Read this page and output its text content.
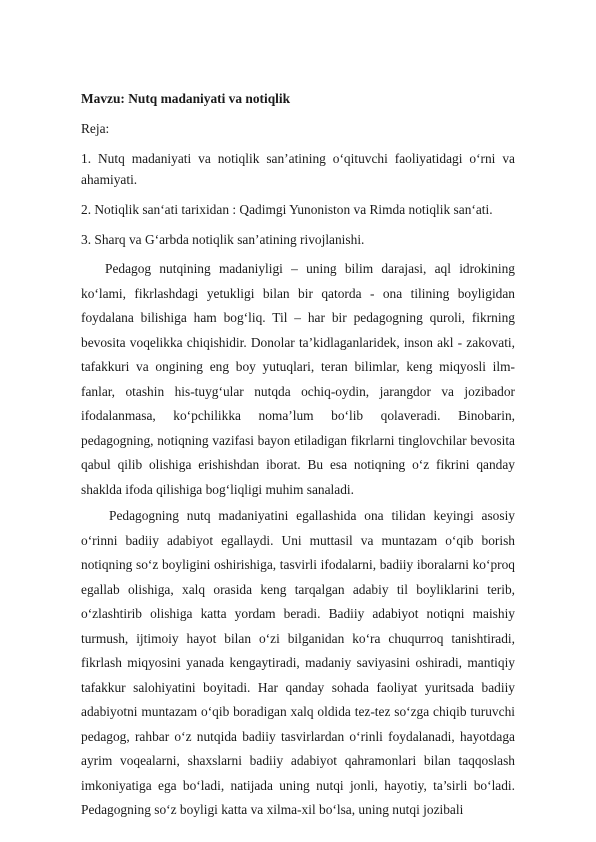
Mavzu: Nutq madaniyati va notiqlik
Reja:
1. Nutq madaniyati va notiqlik san’atining o‘qituvchi faoliyatidagi o‘rni va ahamiyati.
2. Notiqlik san‘ati tarixidan : Qadimgi Yunoniston va Rimda notiqlik san‘ati.
3. Sharq va G‘arbda notiqlik san’atining rivojlanishi.

Pedagog nutqining madaniyligi – uning bilim darajasi, aql idrokining ko‘lami, fikrlashdagi yetukligi bilan bir qatorda - ona tilining boyligidan foydalana bilishiga ham bog‘liq. Til – har bir pedagogning quroli, fikrning bevosita voqelikka chiqishidir. Donolar ta’kidlaganlaridek, inson akl - zakovati, tafakkuri va ongining eng boy yutuqlari, teran bilimlar, keng miqyosli ilm-fanlar, otashin his-tuyg‘ular nutqda ochiq-oydin, jarangdor va jozibador ifodalanmasa, ko‘pchilikka noma’lum bo‘lib qolaveradi. Binobarin, pedagogning, notiqning vazifasi bayon etiladigan fikrlarni tinglovchilar bevosita qabul qilib olishiga erishishdan iborat. Bu esa notiqning o‘z fikrini qanday shaklda ifoda qilishiga bog‘liqligi muhim sanaladi.

Pedagogning nutq madaniyatini egallashida ona tilidan keyingi asosiy o‘rinni badiiy adabiyot egallaydi. Uni muttasil va muntazam o‘qib borish notiqning so‘z boyligini oshirishiga, tasvirli ifodalarni, badiiy iboralarni ko‘proq egallab olishiga, xalq orasida keng tarqalgan adabiy til boyliklarini terib, o‘zlashtirib olishiga katta yordam beradi. Badiiy adabiyot notiqni maishiy turmush, ijtimoiy hayot bilan o‘zi bilganidan ko‘ra chuqurroq tanishtiradi, fikrlash miqyosini yanada kengaytiradi, madaniy saviyasini oshiradi, mantiqiy tafakkur salohiyatini boyitadi. Har qanday sohada faoliyat yuritsada badiiy adabiyotni muntazam o‘qib boradigan xalq oldida tez-tez so‘zga chiqib turuvchi pedagog, rahbar o‘z nutqida badiiy tasvirlardan o‘rinli foydalanadi, hayotdaga ayrim voqealarni, shaxslarni badiiy adabiyot qahramonlari bilan taqqoslash imkoniyatiga ega bo‘ladi, natijada uning nutqi jonli, hayotiy, ta’sirli bo‘ladi. Pedagogning so‘z boyligi katta va xilma-xil bo‘lsa, uning nutqi jozibali
